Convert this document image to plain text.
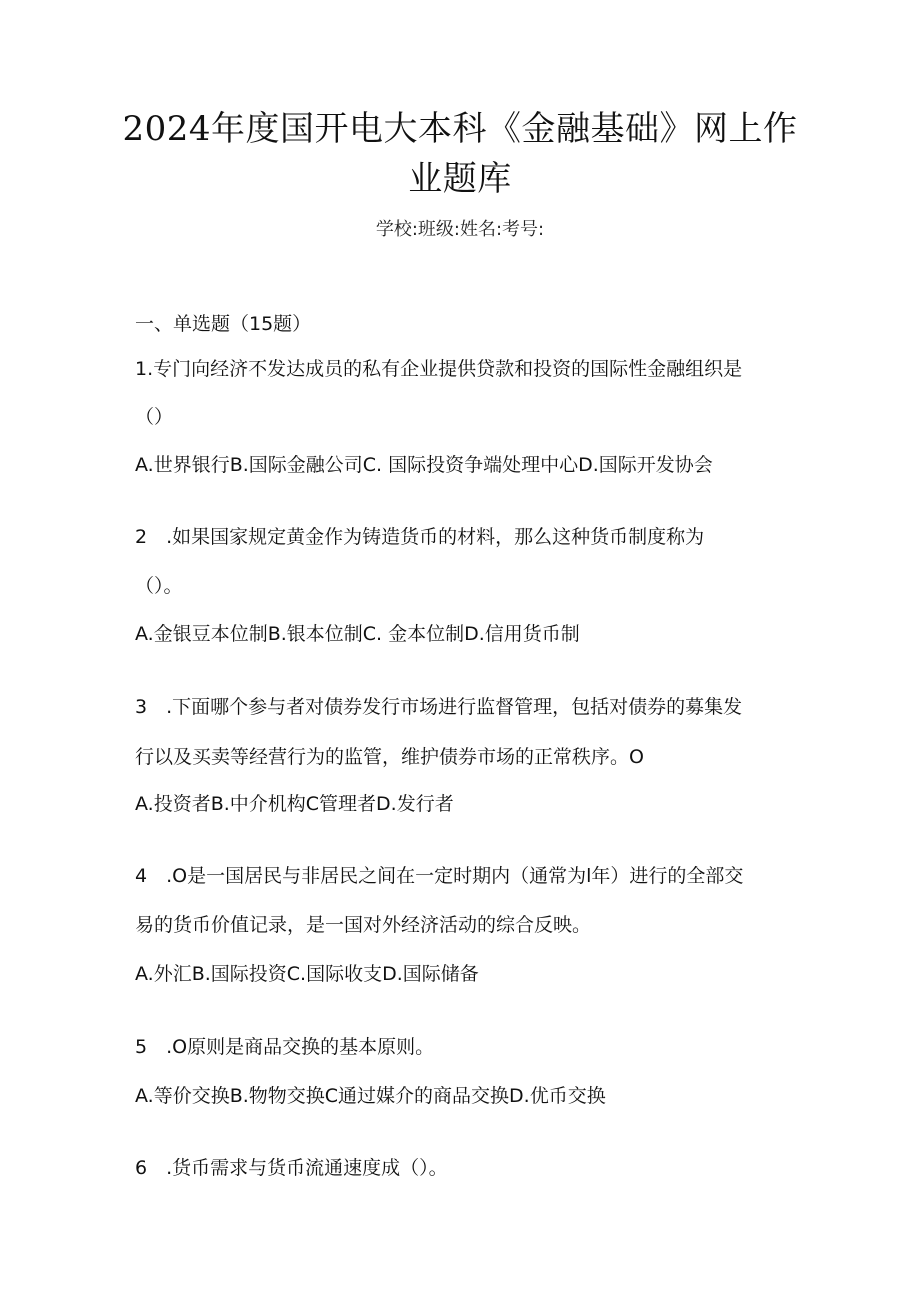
2024年度国开电大本科《金融基础》网上作
业题库
学校:班级:姓名:考号:
一、单选题（15题）
1.专门向经济不发达成员的私有企业提供贷款和投资的国际性金融组织是
（）
A.世界银行B.国际金融公司C. 国际投资争端处理中心D.国际开发协会
2　.如果国家规定黄金作为铸造货币的材料，那么这种货币制度称为
（）。
A.金银豆本位制B.银本位制C. 金本位制D.信用货币制
3　.下面哪个参与者对债券发行市场进行监督管理，包括对债券的募集发
行以及买卖等经营行为的监管，维护债券市场的正常秩序。O
A.投资者B.中介机构C管理者D.发行者
4　.O是一国居民与非居民之间在一定时期内（通常为l年）进行的全部交
易的货币价值记录，是一国对外经济活动的综合反映。
A.外汇B.国际投资C.国际收支D.国际储备
5　.O原则是商品交换的基本原则。
A.等价交换B.物物交换C通过媒介的商品交换D.优币交换
6　.货币需求与货币流通速度成（）。
